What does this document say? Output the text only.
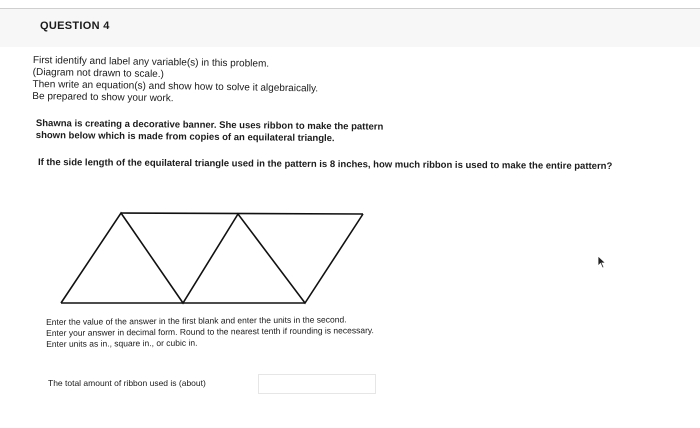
QUESTION 4
First identify and label any variable(s) in this problem.
(Diagram not drawn to scale.)
Then write an equation(s) and show how to solve it algebraically.
Be prepared to show your work.
Shawna is creating a decorative banner. She uses ribbon to make the pattern
shown below which is made from copies of an equilateral triangle.
If the side length of the equilateral triangle used in the pattern is 8 inches, how much ribbon is used to make the entire pattern?
Enter the value of the answer in the first blank and enter the units in the second.
Enter your answer in decimal form. Round to the nearest tenth if rounding is necessary.
Enter units as in., square in., or cubic in.
The total amount of ribbon used is (about)
